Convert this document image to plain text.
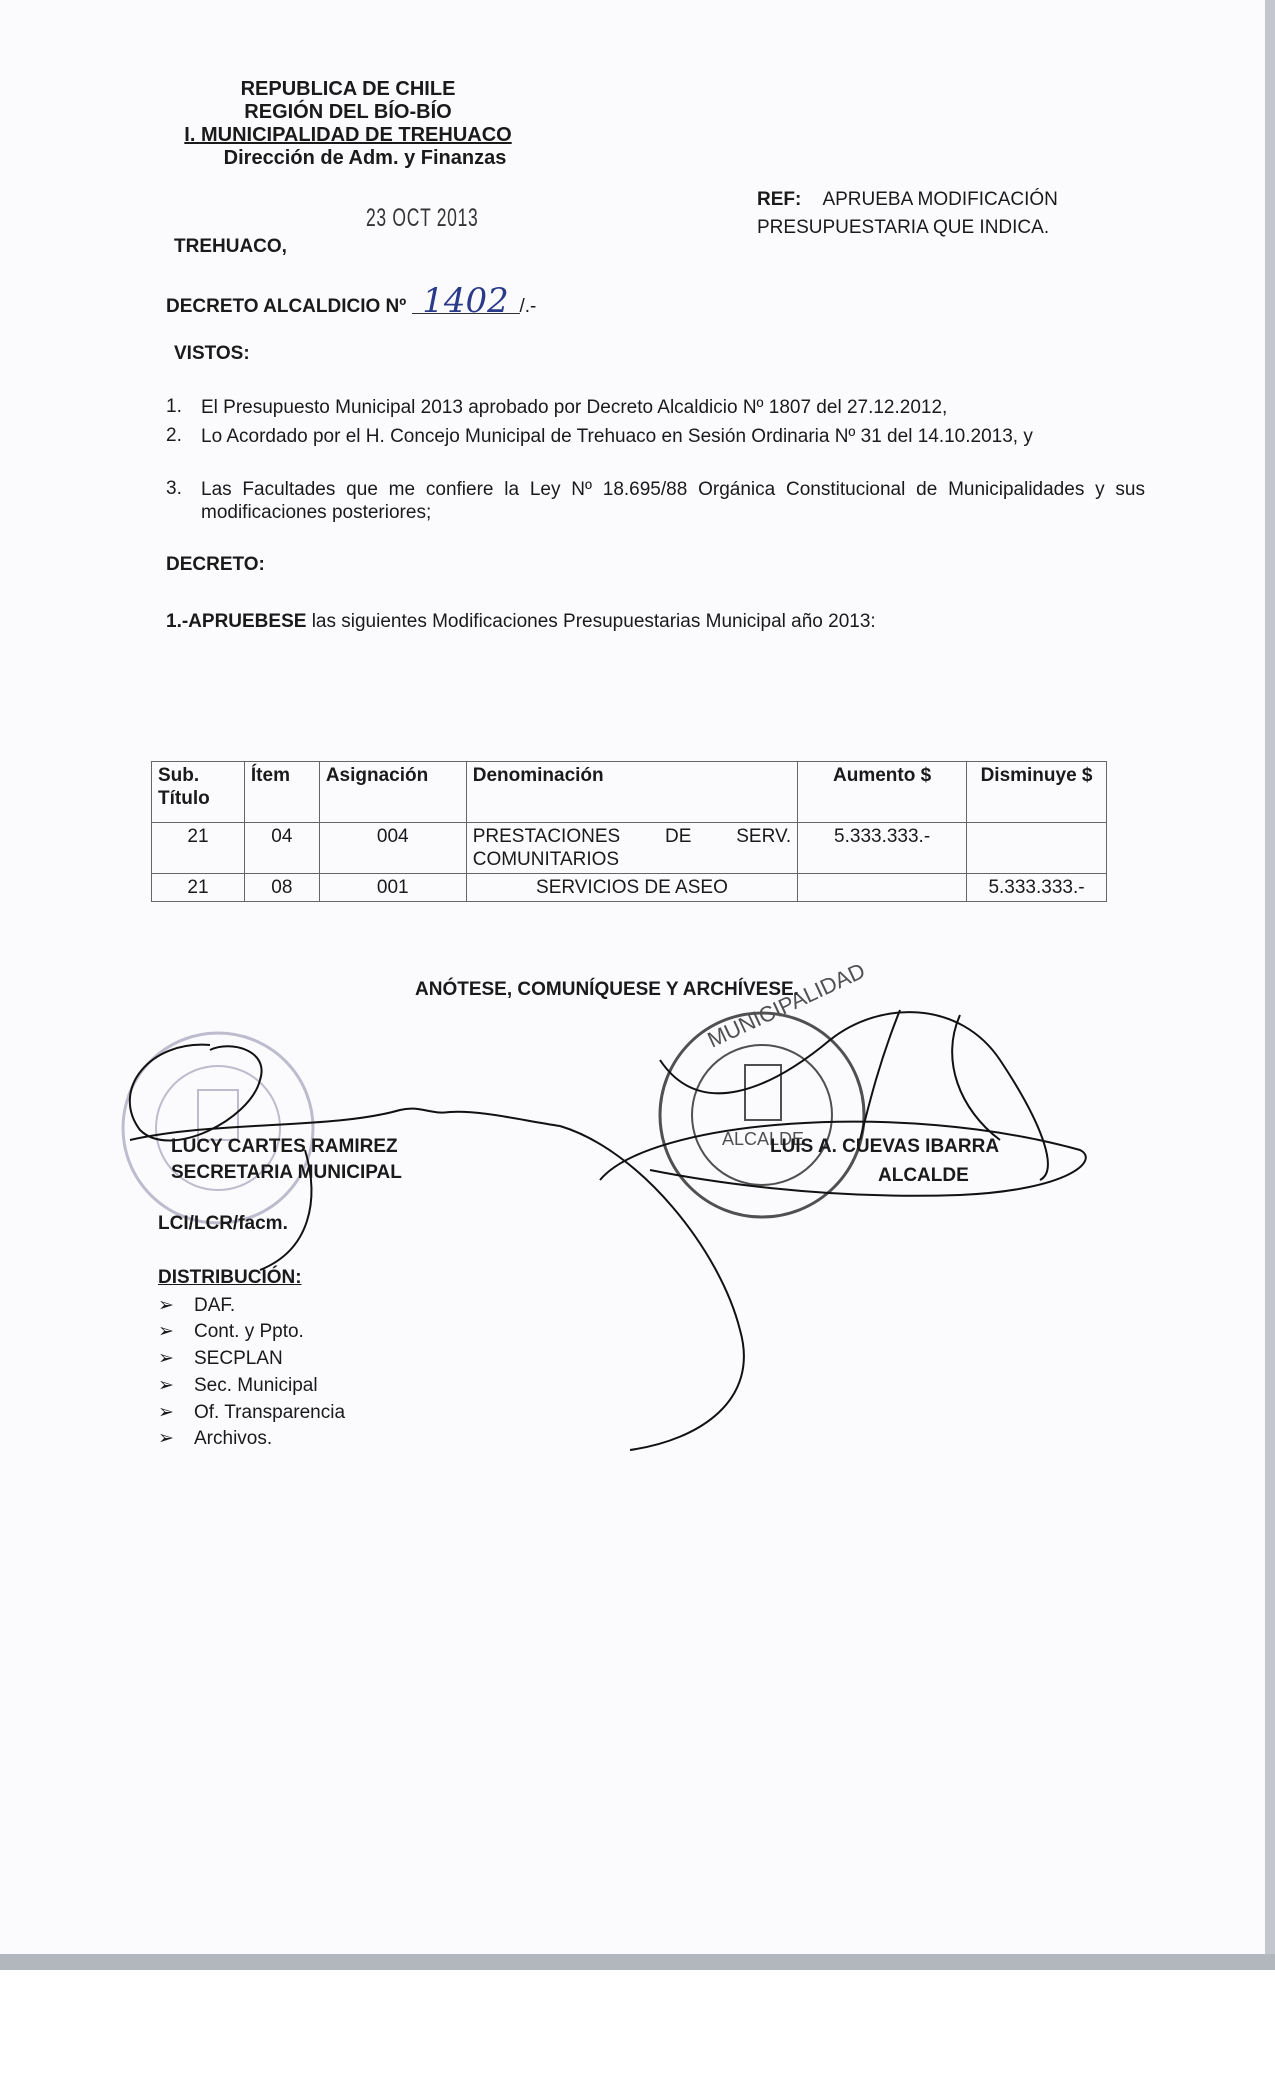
REPUBLICA DE CHILE
REGIÓN DEL BÍO-BÍO
I. MUNICIPALIDAD DE TREHUACO
Dirección de Adm. y Finanzas
23 OCT 2013
TREHUACO,
REF: APRUEBA MODIFICACIÓN
PRESUPUESTARIA QUE INDICA.
DECRETO ALCALDICIO Nº 1402 /.-
VISTOS:
1. El Presupuesto Municipal 2013 aprobado por Decreto Alcaldicio Nº 1807 del 27.12.2012,
2. Lo Acordado por el H. Concejo Municipal de Trehuaco en Sesión Ordinaria Nº 31 del 14.10.2013, y
3. Las Facultades que me confiere la Ley Nº 18.695/88 Orgánica Constitucional de Municipalidades y sus modificaciones posteriores;
DECRETO:
1.-APRUEBESE las siguientes Modificaciones Presupuestarias Municipal año 2013:
Sub. Título	Ítem	Asignación	Denominación	Aumento $	Disminuye $
21	04	004	PRESTACIONES DE SERV. COMUNITARIOS	5.333.333.-	
21	08	001	SERVICIOS DE ASEO		5.333.333.-
ANÓTESE, COMUNÍQUESE Y ARCHÍVESE.
MUNICIPALIDAD
ALCALDE
LUCY CARTES RAMIREZ
SECRETARIA MUNICIPAL
LUIS A. CUEVAS IBARRA
ALCALDE
LCI/LCR/facm.
DISTRIBUCIÓN:
➢ DAF.
➢ Cont. y Ppto.
➢ SECPLAN
➢ Sec. Municipal
➢ Of. Transparencia
➢ Archivos.
